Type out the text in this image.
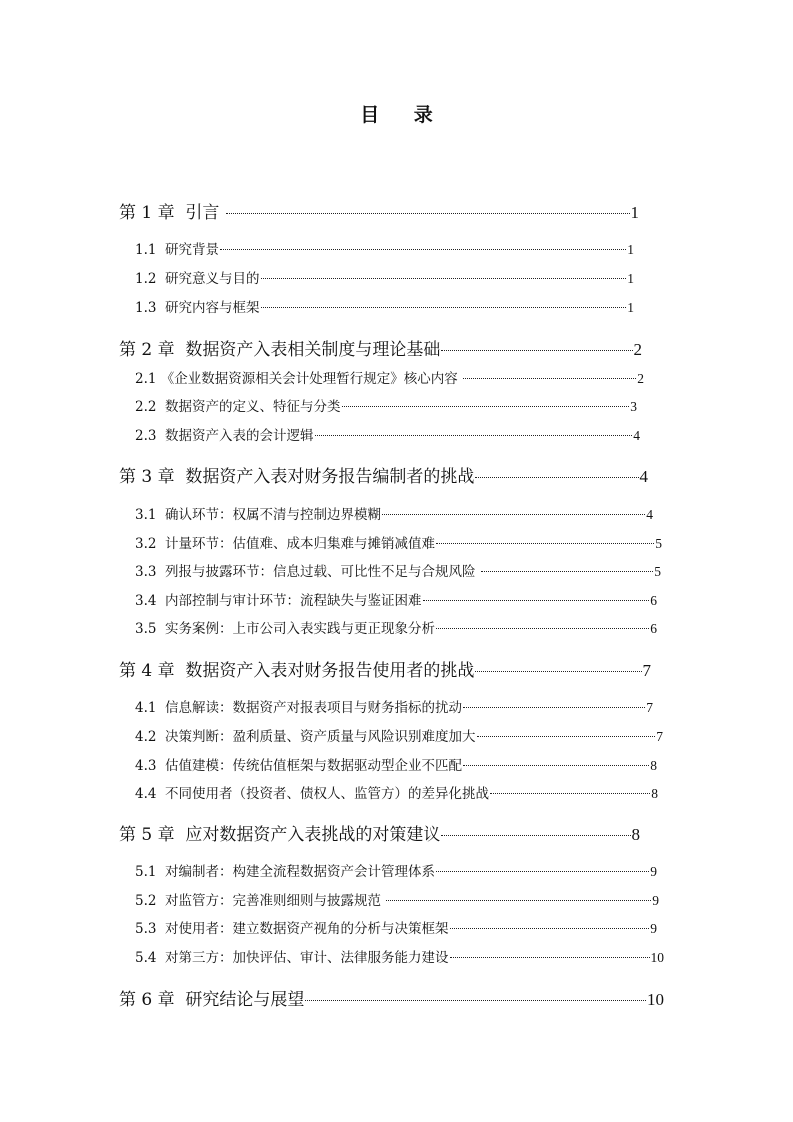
目 录
第 1 章  引言	1
1.1  研究背景	1
1.2  研究意义与目的	1
1.3  研究内容与框架	1
第 2 章  数据资产入表相关制度与理论基础	2
2.1 《企业数据资源相关会计处理暂行规定》核心内容	2
2.2  数据资产的定义、特征与分类	3
2.3  数据资产入表的会计逻辑	4
第 3 章  数据资产入表对财务报告编制者的挑战	4
3.1  确认环节：权属不清与控制边界模糊	4
3.2  计量环节：估值难、成本归集难与摊销减值难	5
3.3  列报与披露环节：信息过载、可比性不足与合规风险	5
3.4  内部控制与审计环节：流程缺失与鉴证困难	6
3.5  实务案例：上市公司入表实践与更正现象分析	6
第 4 章  数据资产入表对财务报告使用者的挑战	7
4.1  信息解读：数据资产对报表项目与财务指标的扰动	7
4.2  决策判断：盈利质量、资产质量与风险识别难度加大	7
4.3  估值建模：传统估值框架与数据驱动型企业不匹配	8
4.4  不同使用者（投资者、债权人、监管方）的差异化挑战	8
第 5 章  应对数据资产入表挑战的对策建议	8
5.1  对编制者：构建全流程数据资产会计管理体系	9
5.2  对监管方：完善准则细则与披露规范	9
5.3  对使用者：建立数据资产视角的分析与决策框架	9
5.4  对第三方：加快评估、审计、法律服务能力建设	10
第 6 章  研究结论与展望	10
